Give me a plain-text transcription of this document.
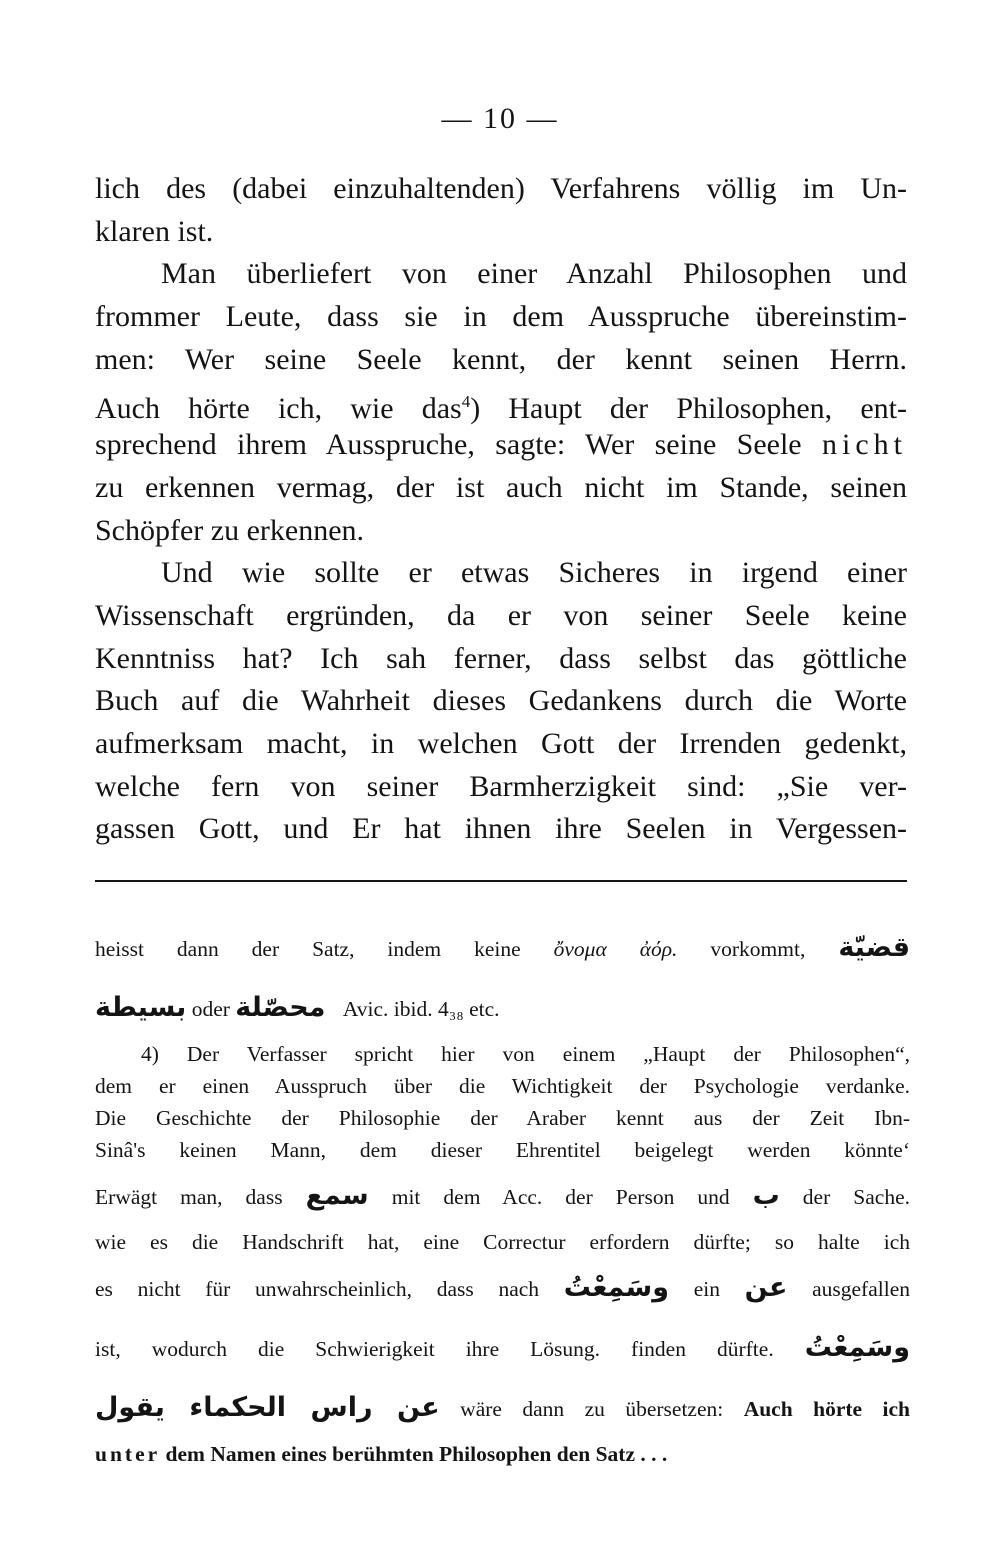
— 10 —
lich des (dabei einzuhaltenden) Verfahrens völlig im Un-
klaren ist.
Man überliefert von einer Anzahl Philosophen und
frommer Leute, dass sie in dem Ausspruche übereinstim-
men: Wer seine Seele kennt, der kennt seinen Herrn.
Auch hörte ich, wie das$^4$) Haupt der Philosophen, ent-
sprechend ihrem Ausspruche, sagte: Wer seine Seele nicht
zu erkennen vermag, der ist auch nicht im Stande, seinen
Schöpfer zu erkennen.
Und wie sollte er etwas Sicheres in irgend einer
Wissenschaft ergründen, da er von seiner Seele keine
Kenntniss hat? Ich sah ferner, dass selbst das göttliche
Buch auf die Wahrheit dieses Gedankens durch die Worte
aufmerksam macht, in welchen Gott der Irrenden gedenkt,
welche fern von seiner Barmherzigkeit sind: „Sie ver-
gassen Gott, und Er hat ihnen ihre Seelen in Vergessen-
heisst dann der Satz, indem keine ὄνομα ἀόρ. vorkommt, قضيّة
بسيطة oder محصّلة Avic. ibid. 4₃₈ etc.
4) Der Verfasser spricht hier von einem „Haupt der Philosophen“,
dem er einen Ausspruch über die Wichtigkeit der Psychologie verdanke.
Die Geschichte der Philosophie der Araber kennt aus der Zeit Ibn-
Sinâ's keinen Mann, dem dieser Ehrentitel beigelegt werden könnte‘
Erwägt man, dass سمع mit dem Acc. der Person und ب der Sache.
wie es die Handschrift hat, eine Correctur erfordern dürfte; so halte ich
es nicht für unwahrscheinlich, dass nach وسَمِعْتُ ein عن ausgefallen
ist, wodurch die Schwierigkeit ihre Lösung. finden dürfte. وسَمِعْتُ
عن راس الحكماء يقول wäre dann zu übersetzen: Auch hörte ich
unter dem Namen eines berühmten Philosophen den Satz . . .
